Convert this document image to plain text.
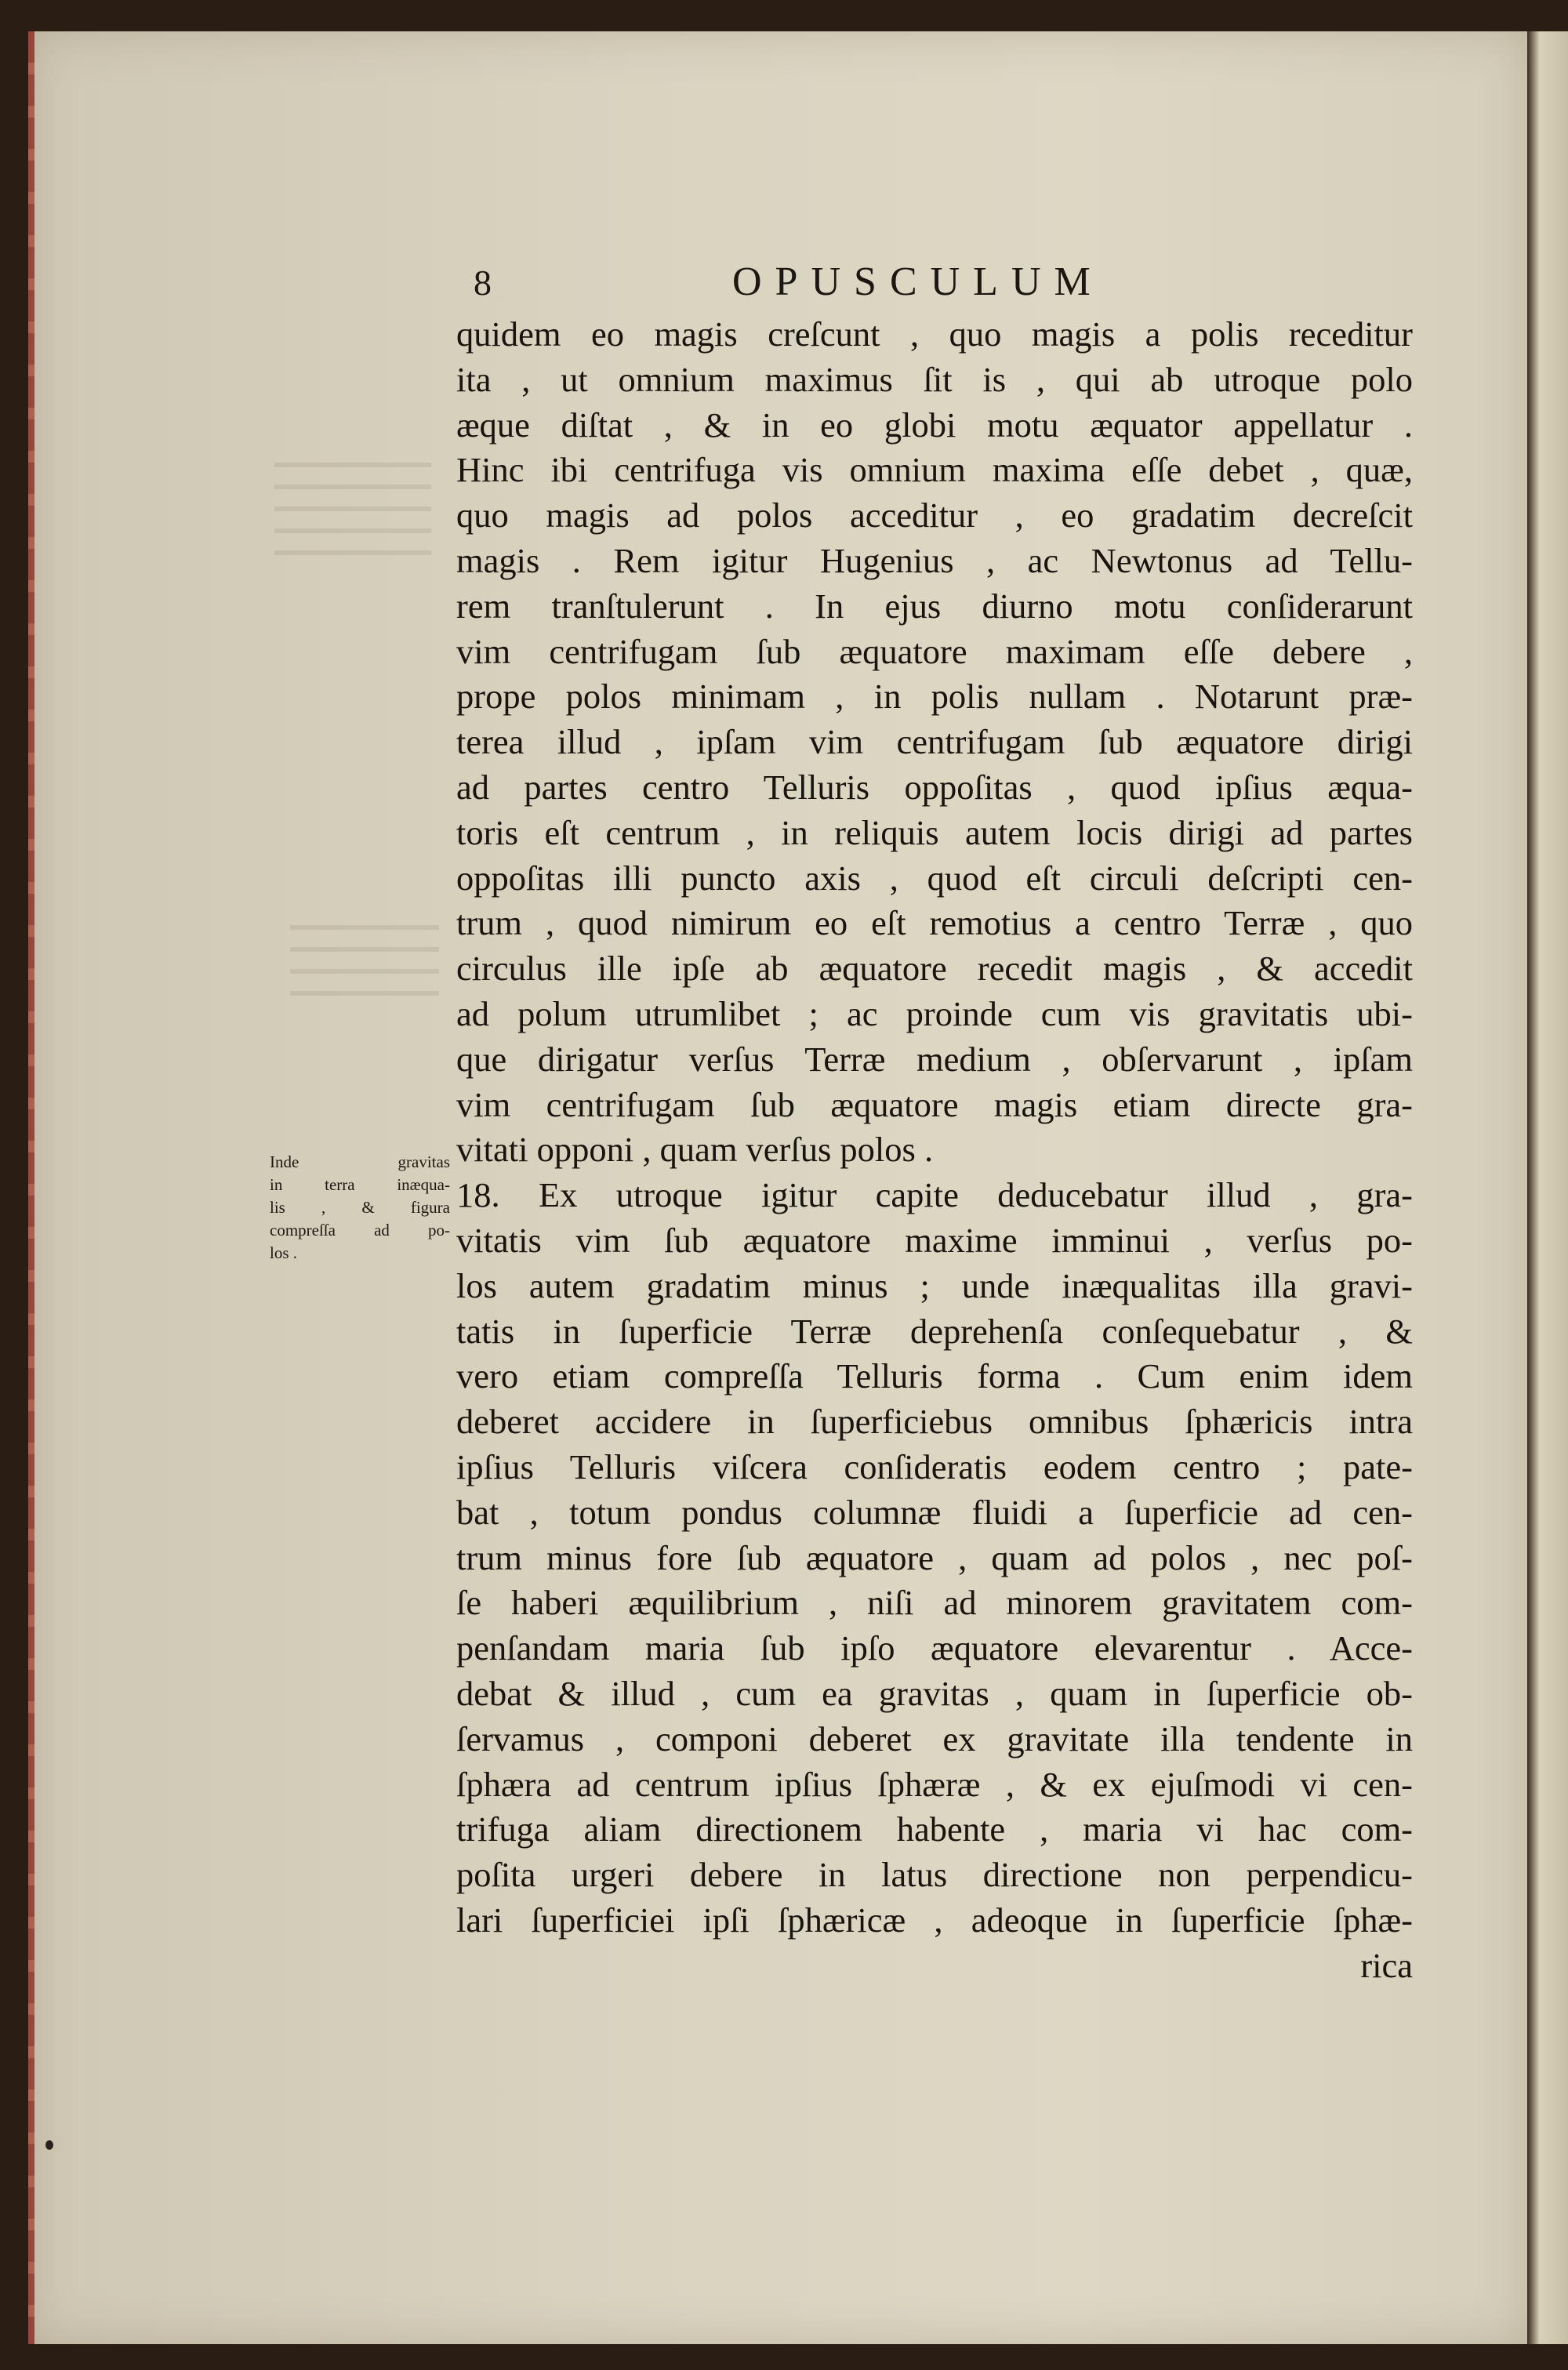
8	OPUSCULUM
Inde gravitas
in terra inæqua-
lis , & figura
compreſſa ad po-
los .
quidem eo magis creſcunt , quo magis a polis receditur
ita , ut omnium maximus ſit is , qui ab utroque polo
æque diſtat , & in eo globi motu æquator appellatur .
Hinc ibi centrifuga vis omnium maxima eſſe debet , quæ,
quo magis ad polos acceditur , eo gradatim decreſcit
magis . Rem igitur Hugenius , ac Newtonus ad Tellu-
rem tranſtulerunt . In ejus diurno motu conſiderarunt
vim centrifugam ſub æquatore maximam eſſe debere ,
prope polos minimam , in polis nullam . Notarunt præ-
terea illud , ipſam vim centrifugam ſub æquatore dirigi
ad partes centro Telluris oppoſitas , quod ipſius æqua-
toris eſt centrum , in reliquis autem locis dirigi ad partes
oppoſitas illi puncto axis , quod eſt circuli deſcripti cen-
trum , quod nimirum eo eſt remotius a centro Terræ , quo
circulus ille ipſe ab æquatore recedit magis , & accedit
ad polum utrumlibet ; ac proinde cum vis gravitatis ubi-
que dirigatur verſus Terræ medium , obſervarunt , ipſam
vim centrifugam ſub æquatore magis etiam directe gra-
vitati opponi , quam verſus polos .
18. Ex utroque igitur capite deducebatur illud , gra-
vitatis vim ſub æquatore maxime imminui , verſus po-
los autem gradatim minus ; unde inæqualitas illa gravi-
tatis in ſuperficie Terræ deprehenſa conſequebatur , &
vero etiam compreſſa Telluris forma . Cum enim idem
deberet accidere in ſuperficiebus omnibus ſphæricis intra
ipſius Telluris viſcera conſideratis eodem centro ; pate-
bat , totum pondus columnæ fluidi a ſuperficie ad cen-
trum minus fore ſub æquatore , quam ad polos , nec poſ-
ſe haberi æquilibrium , niſi ad minorem gravitatem com-
penſandam maria ſub ipſo æquatore elevarentur . Acce-
debat & illud , cum ea gravitas , quam in ſuperficie ob-
ſervamus , componi deberet ex gravitate illa tendente in
ſphæra ad centrum ipſius ſphæræ , & ex ejuſmodi vi cen-
trifuga aliam directionem habente , maria vi hac com-
poſita urgeri debere in latus directione non perpendicu-
lari ſuperficiei ipſi ſphæricæ , adeoque in ſuperficie ſphæ-
rica
